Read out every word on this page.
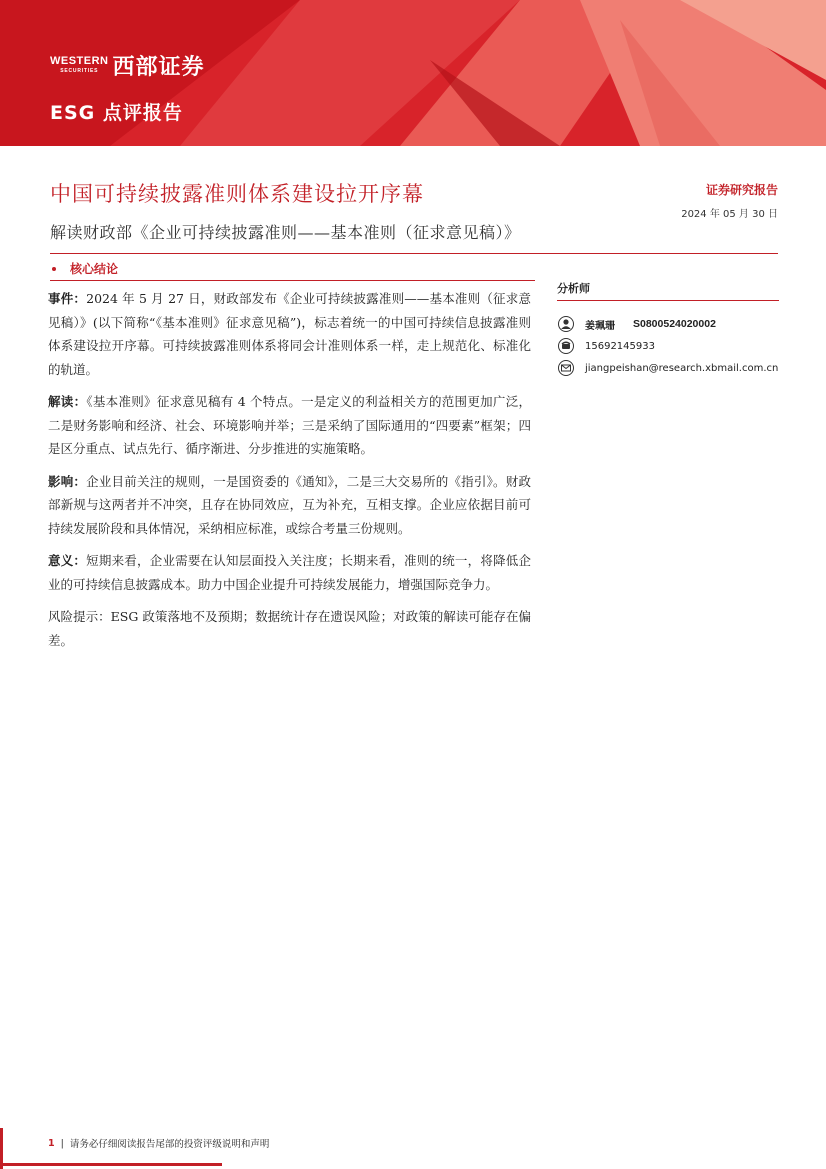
WESTERN
SECURITIES 西部证券
ESG 点评报告
中国可持续披露准则体系建设拉开序幕
解读财政部《企业可持续披露准则——基本准则（征求意见稿）》
证券研究报告
2024 年 05 月 30 日
核心结论

事件：2024 年 5 月 27 日，财政部发布《企业可持续披露准则——基本准则（征求意见稿）》(以下简称“《基本准则》征求意见稿”)，标志着统一的中国可持续信息披露准则体系建设拉开序幕。可持续披露准则体系将同会计准则体系一样，走上规范化、标准化的轨道。

解读：《基本准则》征求意见稿有 4 个特点。一是定义的利益相关方的范围更加广泛，二是财务影响和经济、社会、环境影响并举；三是采纳了国际通用的“四要素”框架；四是区分重点、试点先行、循序渐进、分步推进的实施策略。

影响：企业目前关注的规则，一是国资委的《通知》，二是三大交易所的《指引》。财政部新规与这两者并不冲突，且存在协同效应，互为补充，互相支撑。企业应依据目前可持续发展阶段和具体情况，采纳相应标准，或综合考量三份规则。

意义：短期来看，企业需要在认知层面投入关注度；长期来看，准则的统一，将降低企业的可持续信息披露成本。助力中国企业提升可持续发展能力，增强国际竞争力。

风险提示：ESG 政策落地不及预期；数据统计存在遗误风险；对政策的解读可能存在偏差。

分析师
姜珮珊 S0800524020002
15692145933
jiangpeishan@research.xbmail.com.cn
1 | 请务必仔细阅读报告尾部的投资评级说明和声明
